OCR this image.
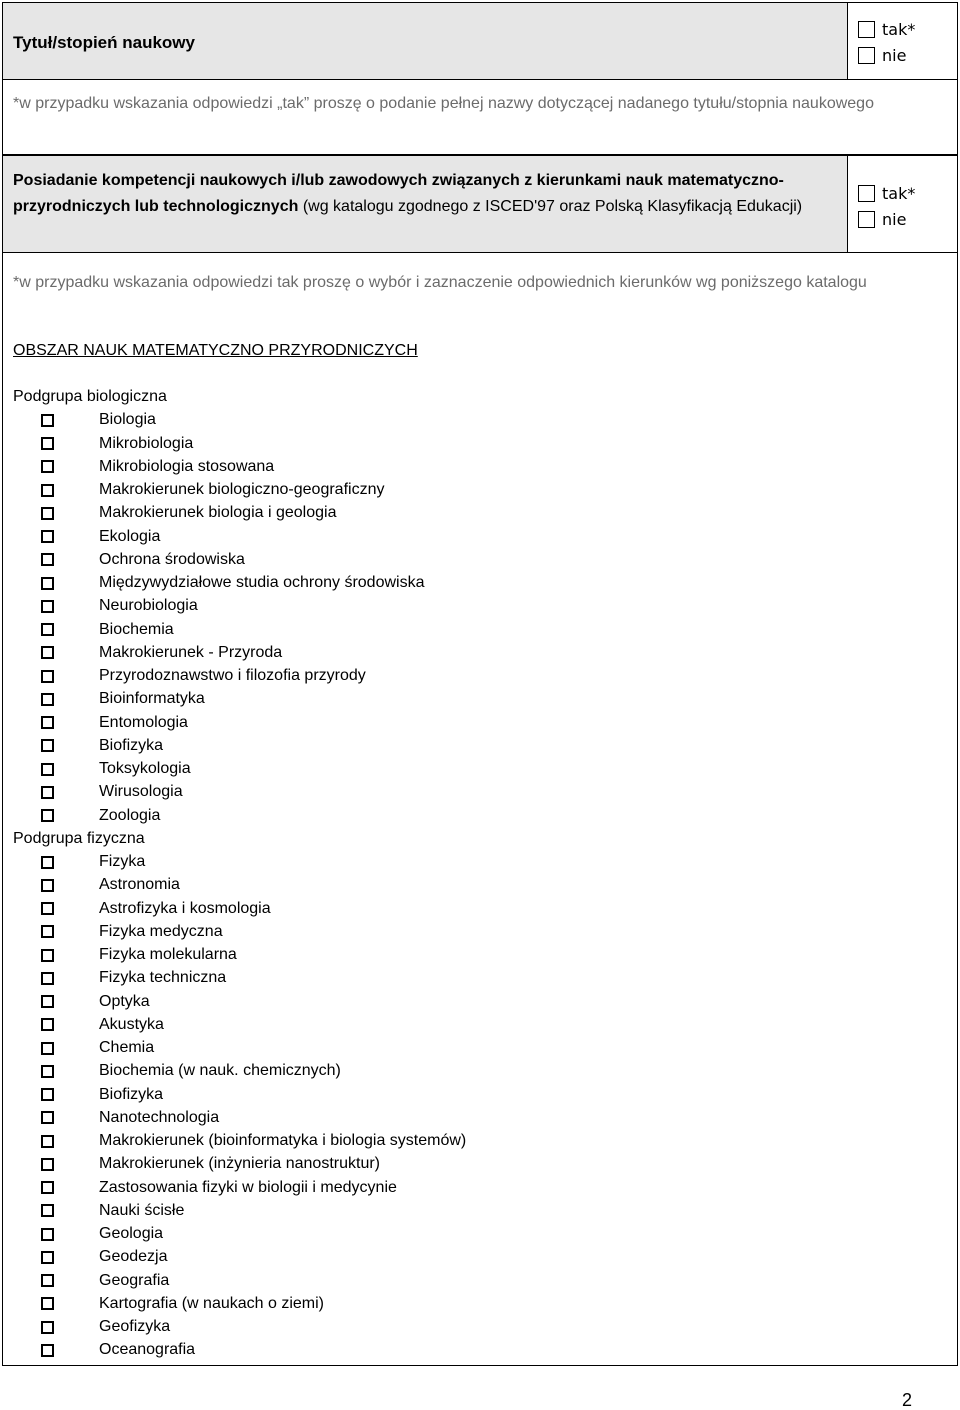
Tytuł/stopień naukowy
tak*
nie
*w przypadku wskazania odpowiedzi „tak” proszę o podanie pełnej nazwy dotyczącej nadanego tytułu/stopnia naukowego
Posiadanie kompetencji naukowych i/lub zawodowych związanych z kierunkami nauk matematyczno-przyrodniczych lub technologicznych (wg katalogu zgodnego z ISCED'97 oraz Polską Klasyfikacją Edukacji)
tak*
nie
*w przypadku wskazania odpowiedzi tak proszę o wybór i zaznaczenie odpowiednich kierunków wg poniższego katalogu
OBSZAR NAUK MATEMATYCZNO PRZYRODNICZYCH
Podgrupa biologiczna
Biologia
Mikrobiologia
Mikrobiologia stosowana
Makrokierunek biologiczno-geograficzny
Makrokierunek biologia i geologia
Ekologia
Ochrona środowiska
Międzywydziałowe studia ochrony środowiska
Neurobiologia
Biochemia
Makrokierunek - Przyroda
Przyrodoznawstwo i filozofia przyrody
Bioinformatyka
Entomologia
Biofizyka
Toksykologia
Wirusologia
Zoologia
Podgrupa fizyczna
Fizyka
Astronomia
Astrofizyka i kosmologia
Fizyka medyczna
Fizyka molekularna
Fizyka techniczna
Optyka
Akustyka
Chemia
Biochemia (w nauk. chemicznych)
Biofizyka
Nanotechnologia
Makrokierunek (bioinformatyka i biologia systemów)
Makrokierunek (inżynieria nanostruktur)
Zastosowania fizyki w biologii i medycynie
Nauki ścisłe
Geologia
Geodezja
Geografia
Kartografia (w naukach o ziemi)
Geofizyka
Oceanografia
2
